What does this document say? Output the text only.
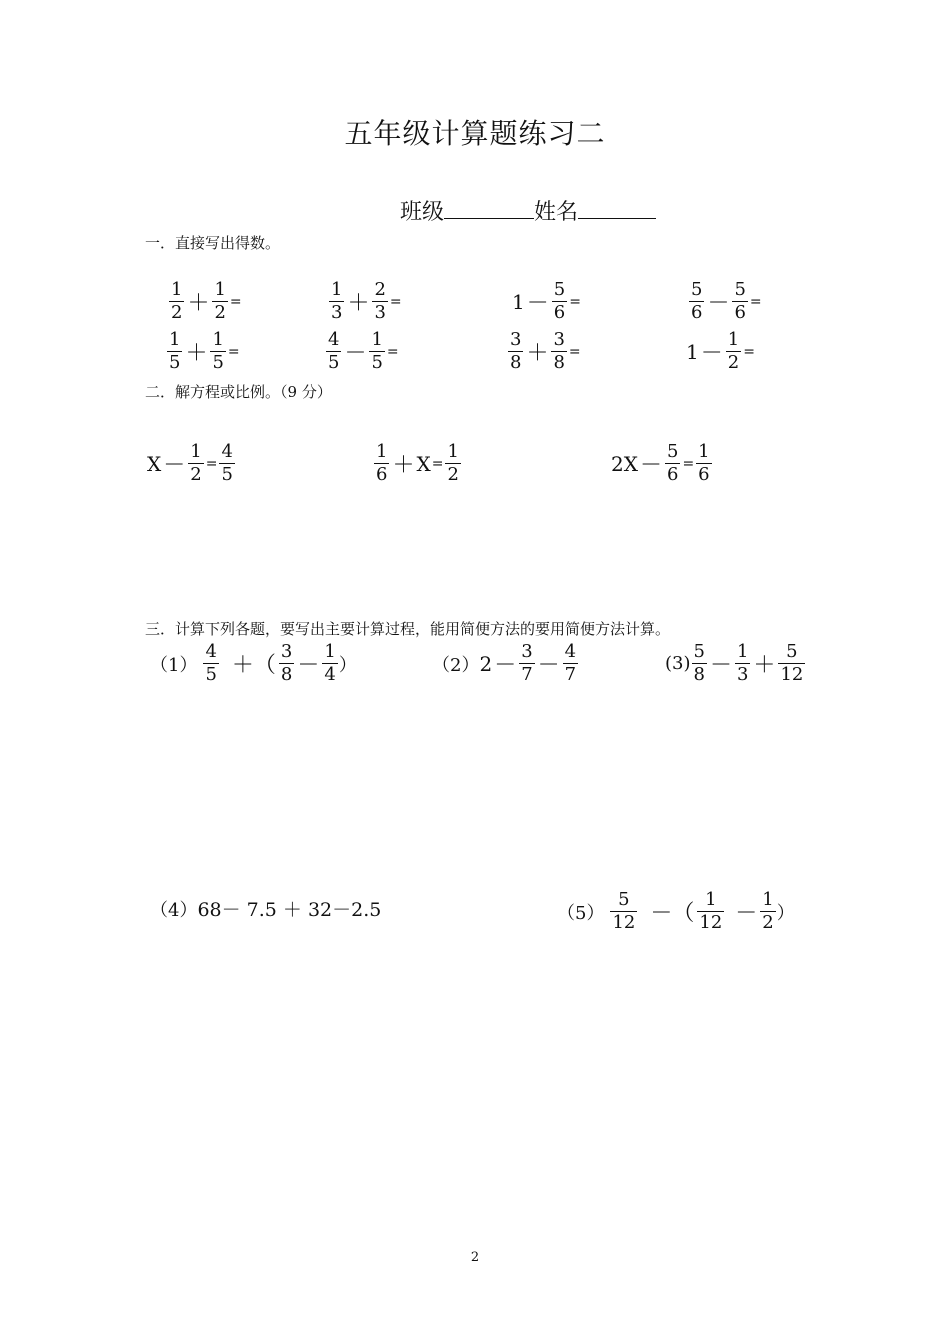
五年级计算题练习二
班级	姓名
一．直接写出得数。
$\frac{1}{2} + \frac{1}{2}$ =	$\frac{1}{3} + \frac{2}{3}$ =	$1 - \frac{5}{6}$ =	$\frac{5}{6} - \frac{5}{6}$ =
$\frac{1}{5} + \frac{1}{5}$ =	$\frac{4}{5} - \frac{1}{5}$ =	$\frac{3}{8} + \frac{3}{8}$ =	$1 - \frac{1}{2}$ =
二．解方程或比例。（9 分）
$X - \frac{1}{2} = \frac{4}{5}$	$\frac{1}{6} + X = \frac{1}{2}$	$2X - \frac{5}{6} = \frac{1}{6}$
三．计算下列各题，要写出主要计算过程，能用简便方法的要用简便方法计算。
$(1) \frac{4}{5}$ ＋（ $\frac{3}{8} - \frac{1}{4}$ ）	（2） $2 - \frac{3}{7} - \frac{4}{7}$	$(3) \frac{5}{8} - \frac{1}{3} + \frac{5}{12}$
（4） 68－ 7.5 ＋ 32－2.5	$(5) \frac{5}{12}$ －（ $\frac{1}{12} - \frac{1}{2}$ ）
2
